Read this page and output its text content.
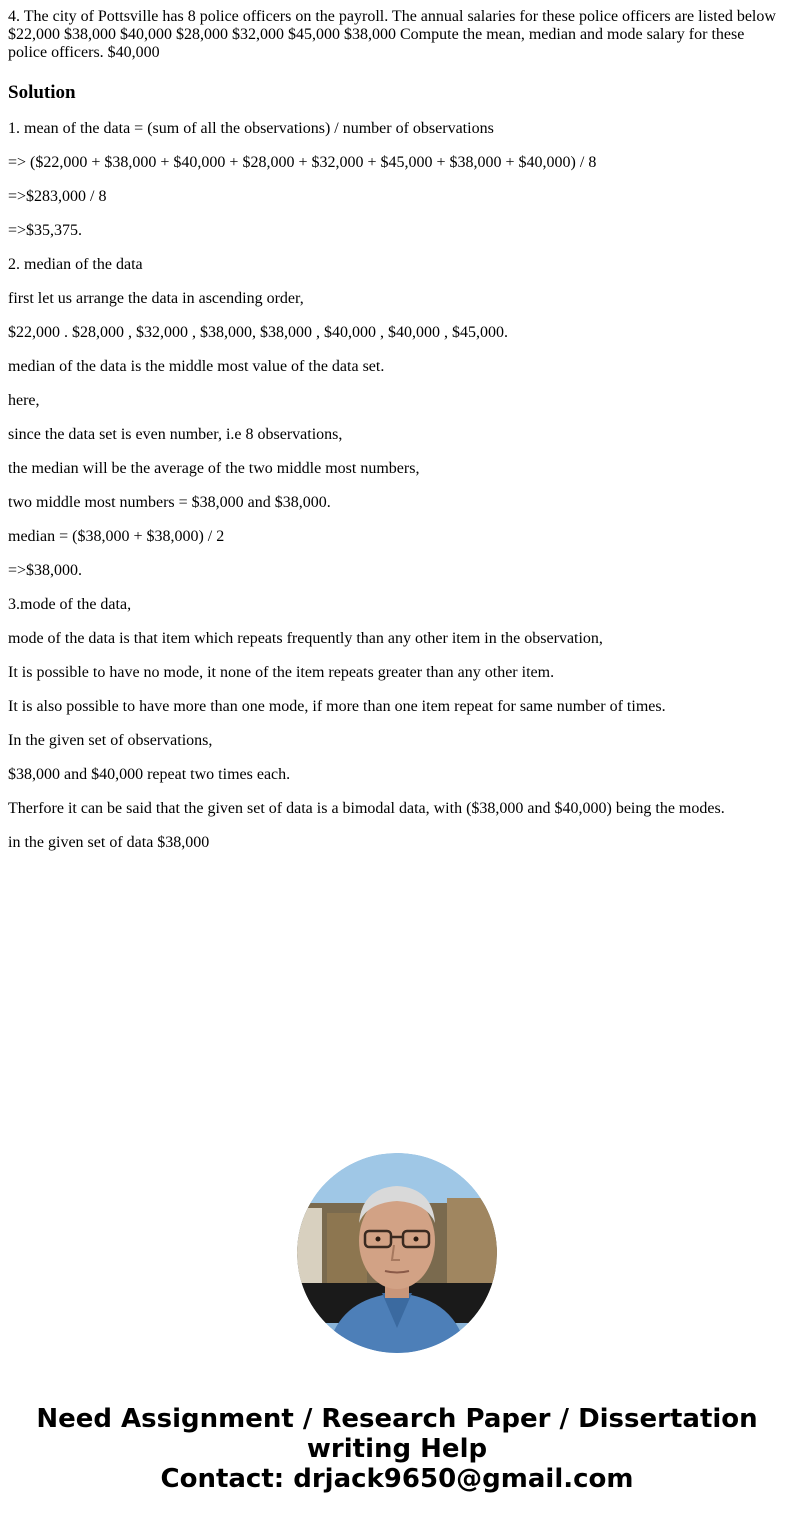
4. The city of Pottsville has 8 police officers on the payroll. The annual salaries for these police officers are listed below $22,000 $38,000 $40,000 $28,000 $32,000 $45,000 $38,000 Compute the mean, median and mode salary for these police officers. $40,000

Solution

1. mean of the data = (sum of all the observations) / number of observations

=> ($22,000 + $38,000 + $40,000 + $28,000 + $32,000 + $45,000 + $38,000 + $40,000) / 8

=>$283,000 / 8

=>$35,375.

2. median of the data

first let us arrange the data in ascending order,

$22,000 . $28,000 , $32,000 , $38,000, $38,000 , $40,000 , $40,000 , $45,000.

median of the data is the middle most value of the data set.

here,

since the data set is even number, i.e 8 observations,

the median will be the average of the two middle most numbers,

two middle most numbers = $38,000 and $38,000.

median = ($38,000 + $38,000) / 2

=>$38,000.

3.mode of the data,

mode of the data is that item which repeats frequently than any other item in the observation,

It is possible to have no mode, it none of the item repeats greater than any other item.

It is also possible to have more than one mode, if more than one item repeat for same number of times.

In the given set of observations,

$38,000 and $40,000 repeat two times each.

Therfore it can be said that the given set of data is a bimodal data, with ($38,000 and $40,000) being the modes.

in the given set of data $38,000

Need Assignment / Research Paper / Dissertation
writing Help
Contact: drjack9650@gmail.com
